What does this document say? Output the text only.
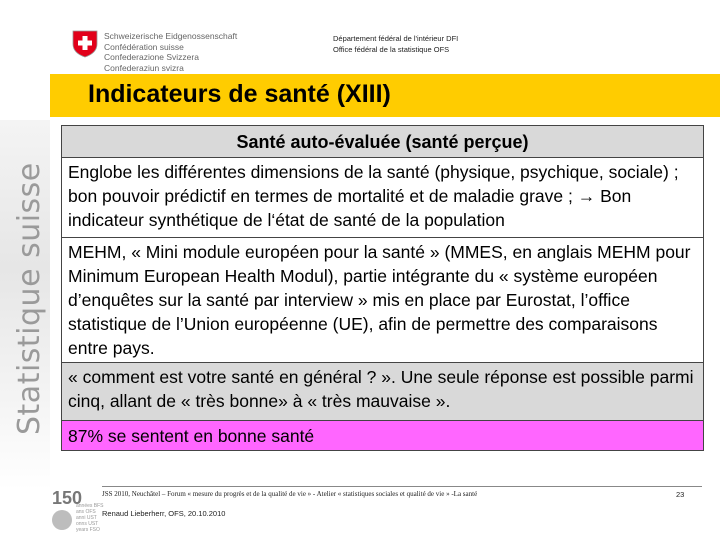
Statistique suisse
Schweizerische Eidgenossenschaft
Confédération suisse
Confederazione Svizzera
Confederaziun svizra
Département fédéral de l'intérieur DFI
Office fédéral de la statistique OFS
Indicateurs de santé (XIII)
Santé auto-évaluée (santé perçue)
Englobe les différentes dimensions de la santé (physique, psychique, sociale) ; bon pouvoir prédictif en termes de mortalité et de maladie grave ; → Bon indicateur synthétique de l‘état de santé de la population
MEHM, « Mini module européen pour la santé » (MMES, en anglais MEHM pour Minimum European Health Modul), partie intégrante du « système européen d’enquêtes sur la santé par interview » mis en place par Eurostat, l’office statistique de l’Union européenne (UE), afin de permettre des comparaisons entre pays.
« comment est votre santé en général ? ». Une seule réponse est possible parmi cinq, allant de « très bonne» à « très mauvaise ».
87% se sentent en bonne santé
150
années BFS
ans OFS
anni UST
onns UST
years FSO
JSS 2010, Neuchâtel – Forum « mesure du progrès et de la qualité de vie » - Atelier « statistiques sociales et qualité de vie » -La santé
Renaud Lieberherr, OFS, 20.10.2010
23
